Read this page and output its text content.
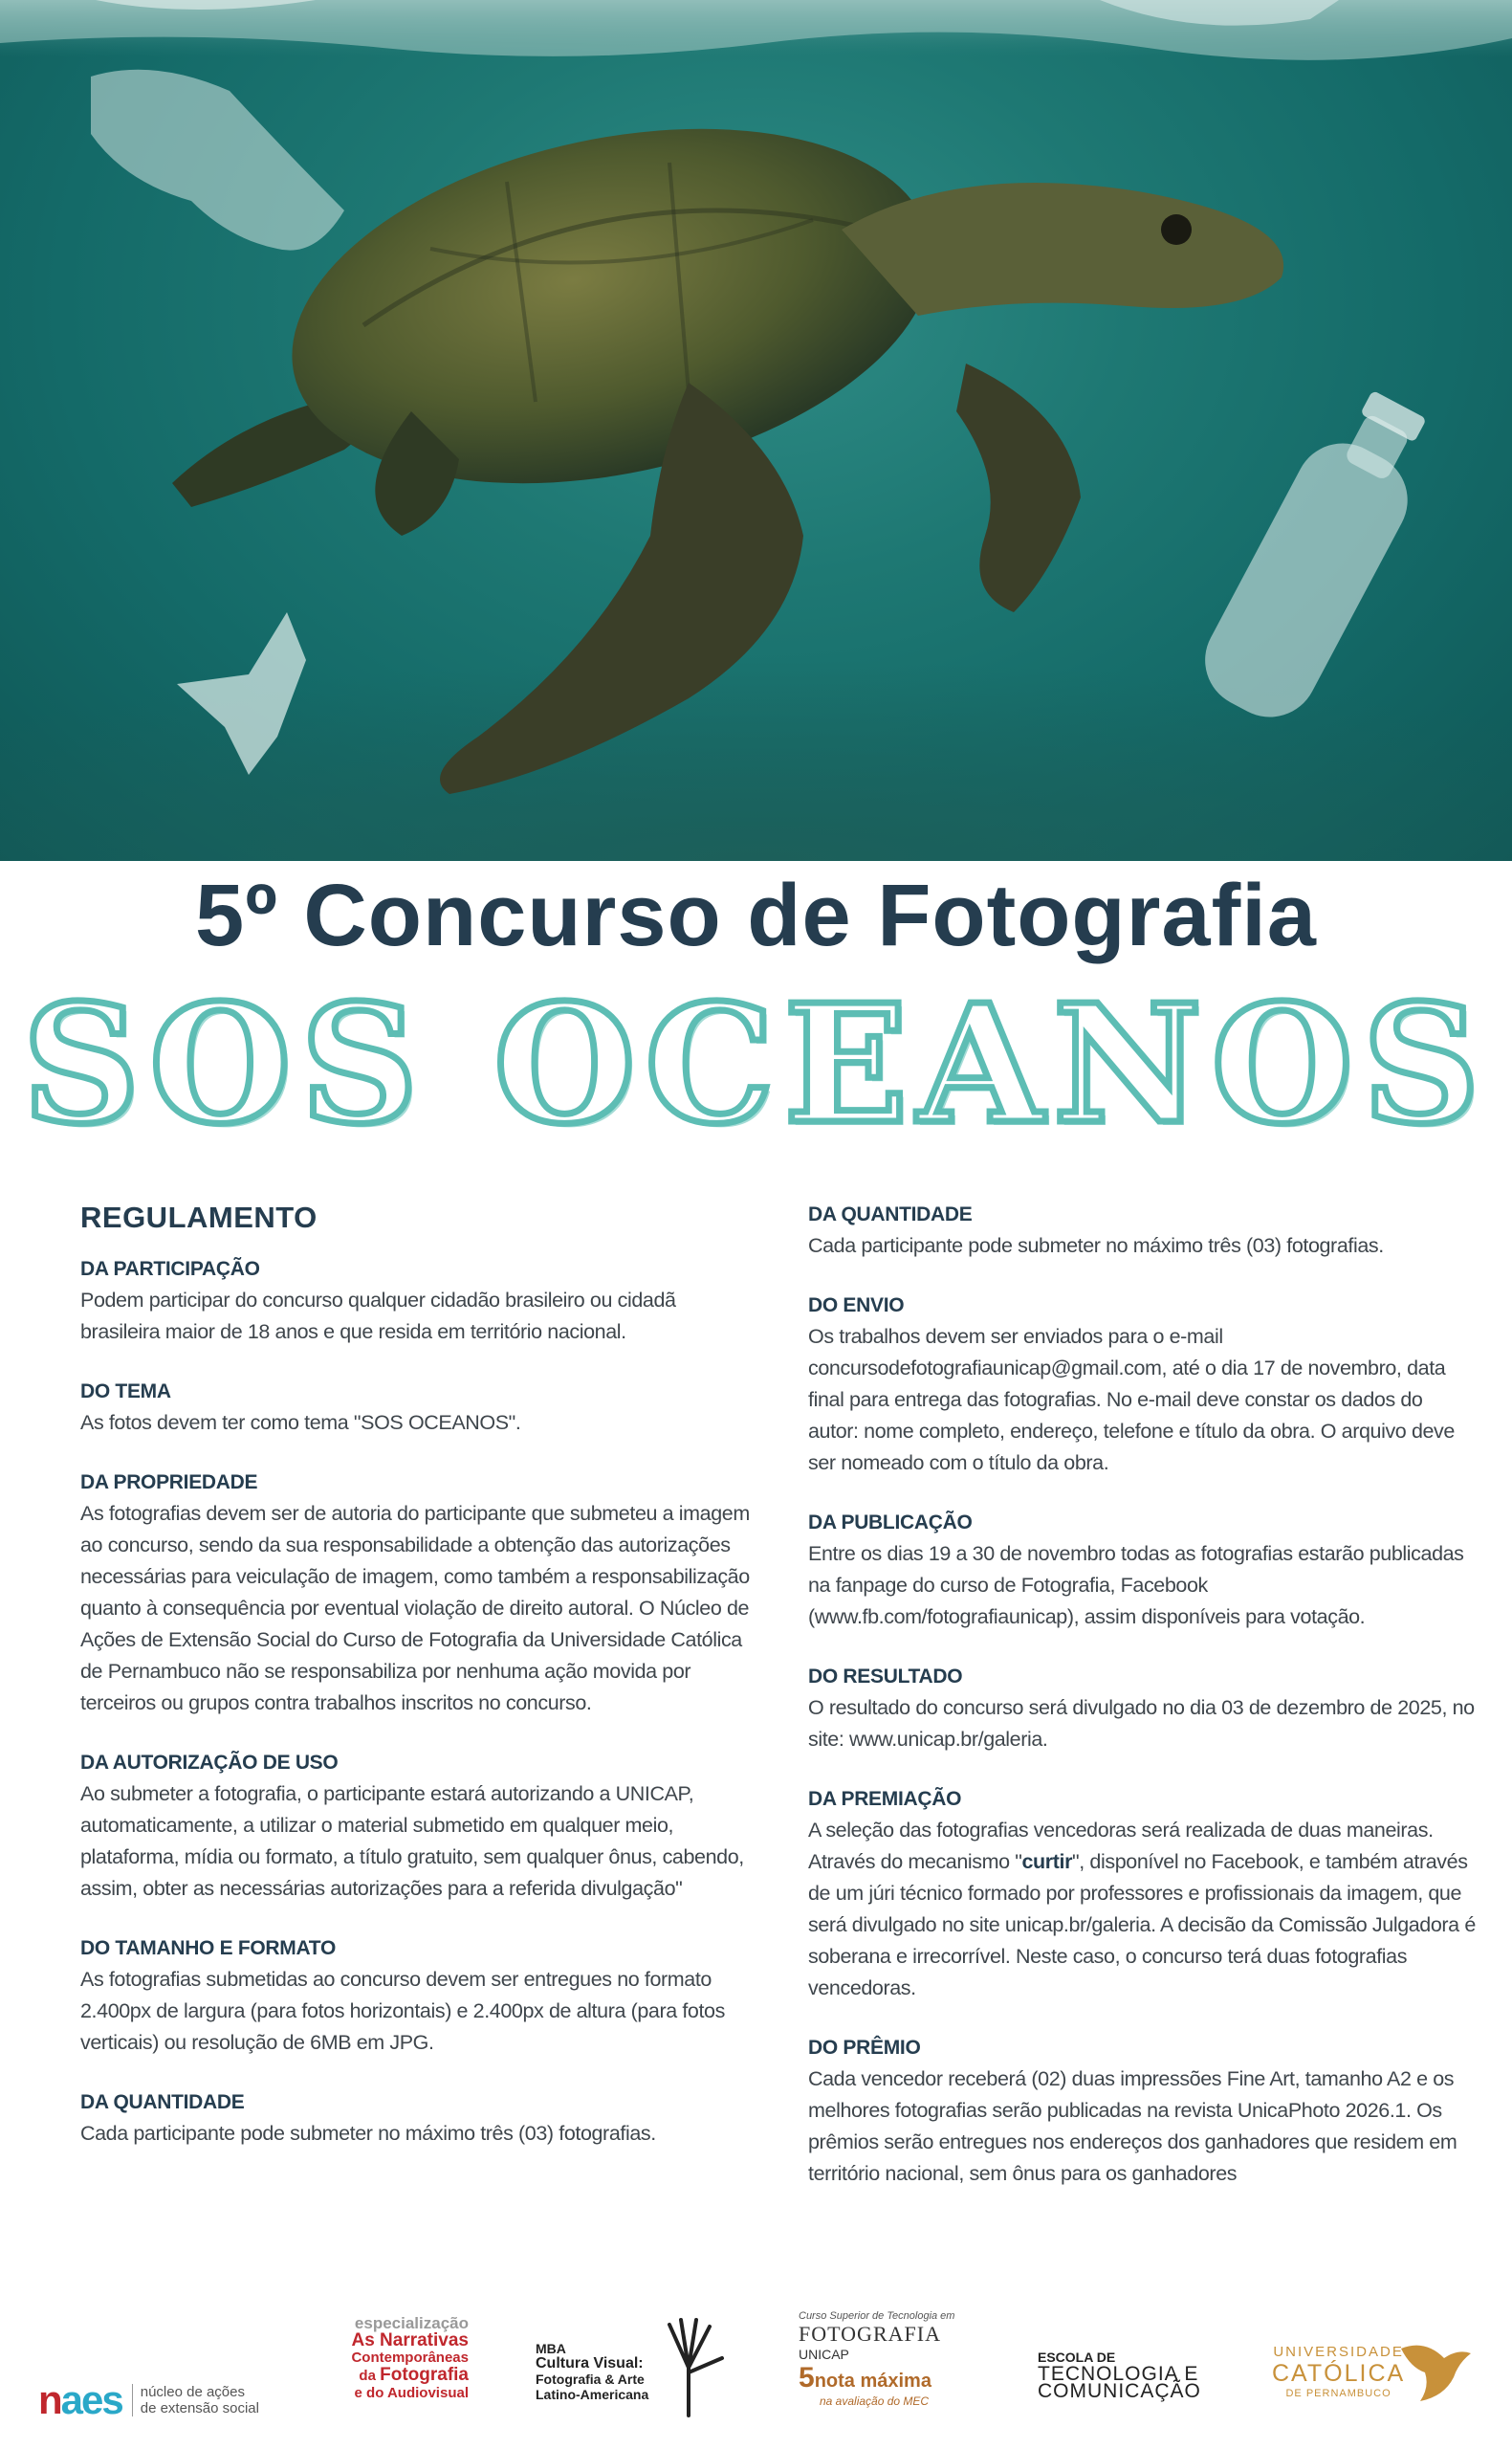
5º Concurso de Fotografia
SOS OCEANOS
REGULAMENTO
DA PARTICIPAÇÃO
Podem participar do concurso qualquer cidadão brasileiro ou cidadã brasileira maior de 18 anos e que resida em território nacional.
DO TEMA
As fotos devem ter como tema "SOS OCEANOS".
DA PROPRIEDADE
As fotografias devem ser de autoria do participante que submeteu a imagem ao concurso, sendo da sua responsabilidade a obtenção das autorizações necessárias para veiculação de imagem, como também a responsabilização quanto à consequência por eventual violação de direito autoral. O Núcleo de Ações de Extensão Social do Curso de Fotografia da Universidade Católica de Pernambuco não se responsabiliza por nenhuma ação movida por terceiros ou grupos contra trabalhos inscritos no concurso.
DA AUTORIZAÇÃO DE USO
Ao submeter a fotografia, o participante estará autorizando a UNICAP, automaticamente, a utilizar o material submetido em qualquer meio, plataforma, mídia ou formato, a título gratuito, sem qualquer ônus, cabendo, assim, obter as necessárias autorizações para a referida divulgação"
DO TAMANHO E FORMATO
As fotografias submetidas ao concurso devem ser entregues no formato 2.400px de largura (para fotos horizontais) e 2.400px de altura (para fotos verticais) ou resolução de 6MB em JPG.
DA QUANTIDADE
Cada participante pode submeter no máximo três (03) fotografias.
DA QUANTIDADE
Cada participante pode submeter no máximo três (03) fotografias.
DO ENVIO
Os trabalhos devem ser enviados para o e-mail concursodefotografiaunicap@gmail.com, até o dia 17 de novembro, data final para entrega das fotografias. No e-mail deve constar os dados do autor: nome completo, endereço, telefone e título da obra. O arquivo deve ser nomeado com o título da obra.
DA PUBLICAÇÃO
Entre os dias 19 a 30 de novembro todas as fotografias estarão publicadas na fanpage do curso de Fotografia, Facebook (www.fb.com/fotografiaunicap), assim disponíveis para votação.
DO RESULTADO
O resultado do concurso será divulgado no dia 03 de dezembro de 2025, no site: www.unicap.br/galeria.
DA PREMIAÇÃO
A seleção das fotografias vencedoras será realizada de duas maneiras. Através do mecanismo "curtir", disponível no Facebook, e também através de um júri técnico formado por professores e profissionais da imagem, que será divulgado no site unicap.br/galeria. A decisão da Comissão Julgadora é soberana e irrecorrível. Neste caso, o concurso terá duas fotografias vencedoras.
DO PRÊMIO
Cada vencedor receberá (02) duas impressões Fine Art, tamanho A2 e os melhores fotografias serão publicadas na revista UnicaPhoto 2026.1. Os prêmios serão entregues nos endereços dos ganhadores que residem em território nacional, sem ônus para os ganhadores
naes	núcleo de ações
de extensão social
especialização
As Narrativas
Contemporâneas
da Fotografia
e do Audiovisual
MBA
Cultura Visual:
Fotografia & Arte
Latino-Americana
Curso Superior de Tecnologia em
FOTOGRAFIA
UNICAP
5nota máxima
na avaliação do MEC
ESCOLA DE
TECNOLOGIA E
COMUNICAÇÃO
UNIVERSIDADE
CATÓLICA
DE PERNAMBUCO
